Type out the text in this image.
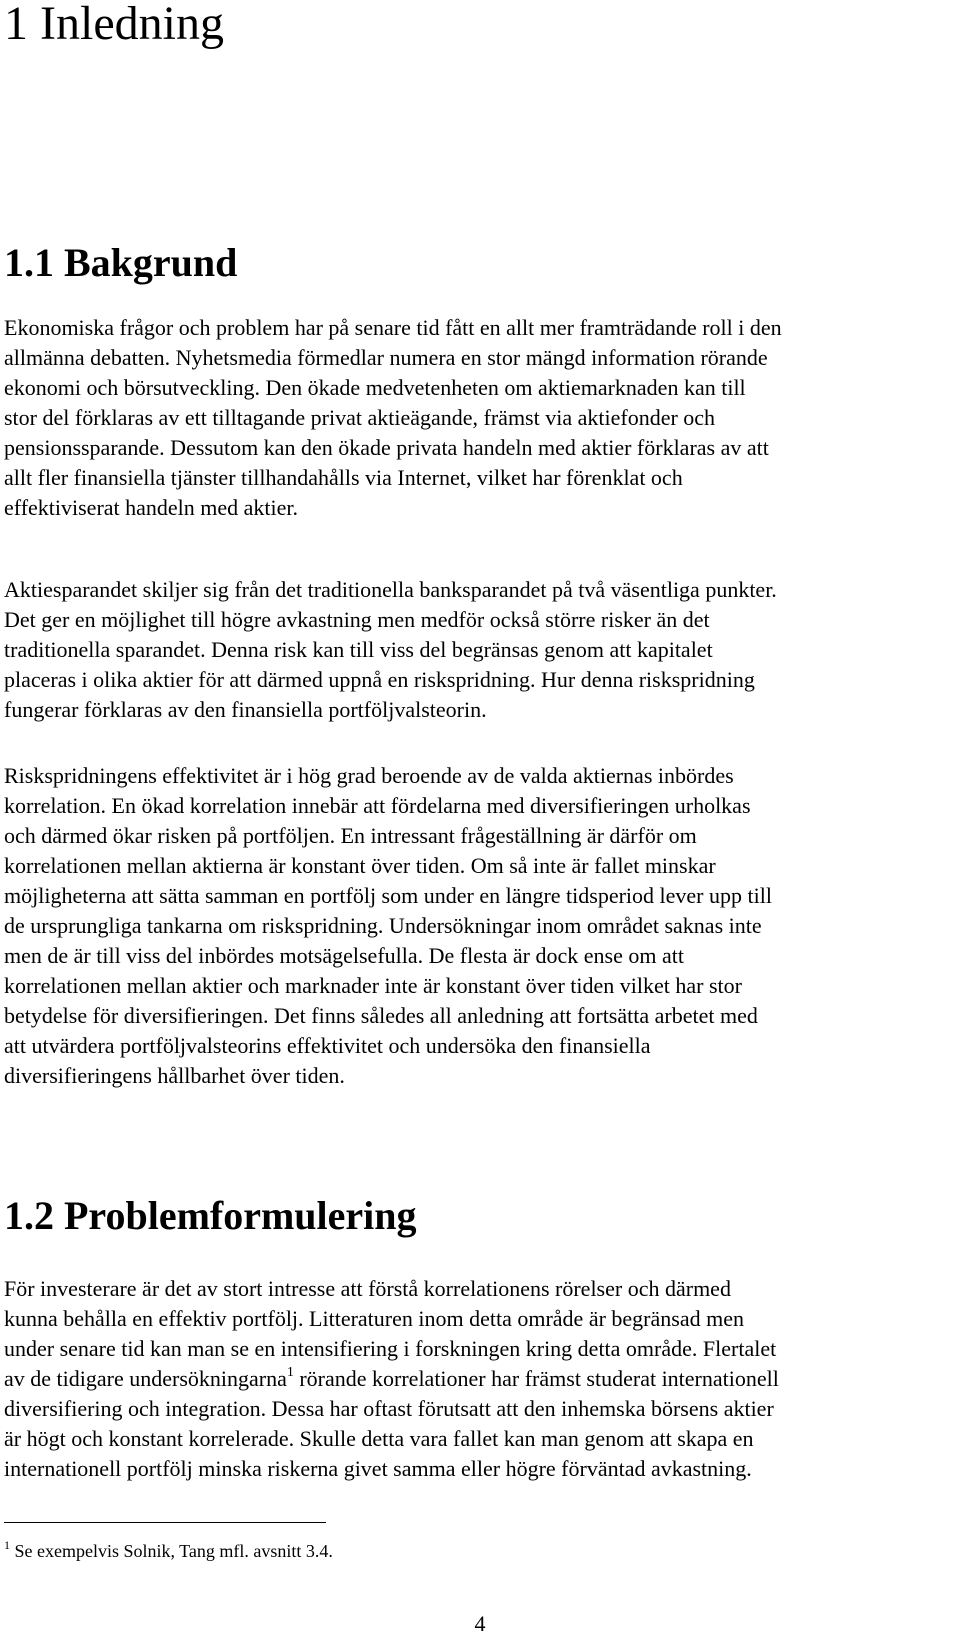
1 Inledning
1.1 Bakgrund

Ekonomiska frågor och problem har på senare tid fått en allt mer framträdande roll i den
allmänna debatten. Nyhetsmedia förmedlar numera en stor mängd information rörande
ekonomi och börsutveckling. Den ökade medvetenheten om aktiemarknaden kan till
stor del förklaras av ett tilltagande privat aktieägande, främst via aktiefonder och
pensionssparande. Dessutom kan den ökade privata handeln med aktier förklaras av att
allt fler finansiella tjänster tillhandahålls via Internet, vilket har förenklat och
effektiviserat handeln med aktier.

Aktiesparandet skiljer sig från det traditionella banksparandet på två väsentliga punkter.
Det ger en möjlighet till högre avkastning men medför också större risker än det
traditionella sparandet. Denna risk kan till viss del begränsas genom att kapitalet
placeras i olika aktier för att därmed uppnå en riskspridning. Hur denna riskspridning
fungerar förklaras av den finansiella portföljvalsteorin.

Riskspridningens effektivitet är i hög grad beroende av de valda aktiernas inbördes
korrelation. En ökad korrelation innebär att fördelarna med diversifieringen urholkas
och därmed ökar risken på portföljen. En intressant frågeställning är därför om
korrelationen mellan aktierna är konstant över tiden. Om så inte är fallet minskar
möjligheterna att sätta samman en portfölj som under en längre tidsperiod lever upp till
de ursprungliga tankarna om riskspridning. Undersökningar inom området saknas inte
men de är till viss del inbördes motsägelsefulla. De flesta är dock ense om att
korrelationen mellan aktier och marknader inte är konstant över tiden vilket har stor
betydelse för diversifieringen. Det finns således all anledning att fortsätta arbetet med
att utvärdera portföljvalsteorins effektivitet och undersöka den finansiella
diversifieringens hållbarhet över tiden.

1.2 Problemformulering

För investerare är det av stort intresse att förstå korrelationens rörelser och därmed
kunna behålla en effektiv portfölj. Litteraturen inom detta område är begränsad men
under senare tid kan man se en intensifiering i forskningen kring detta område. Flertalet
av de tidigare undersökningarna$^1$ rörande korrelationer har främst studerat internationell
diversifiering och integration. Dessa har oftast förutsatt att den inhemska börsens aktier
är högt och konstant korrelerade. Skulle detta vara fallet kan man genom att skapa en
internationell portfölj minska riskerna givet samma eller högre förväntad avkastning.

$^1$ Se exempelvis Solnik, Tang mfl. avsnitt 3.4.

4
